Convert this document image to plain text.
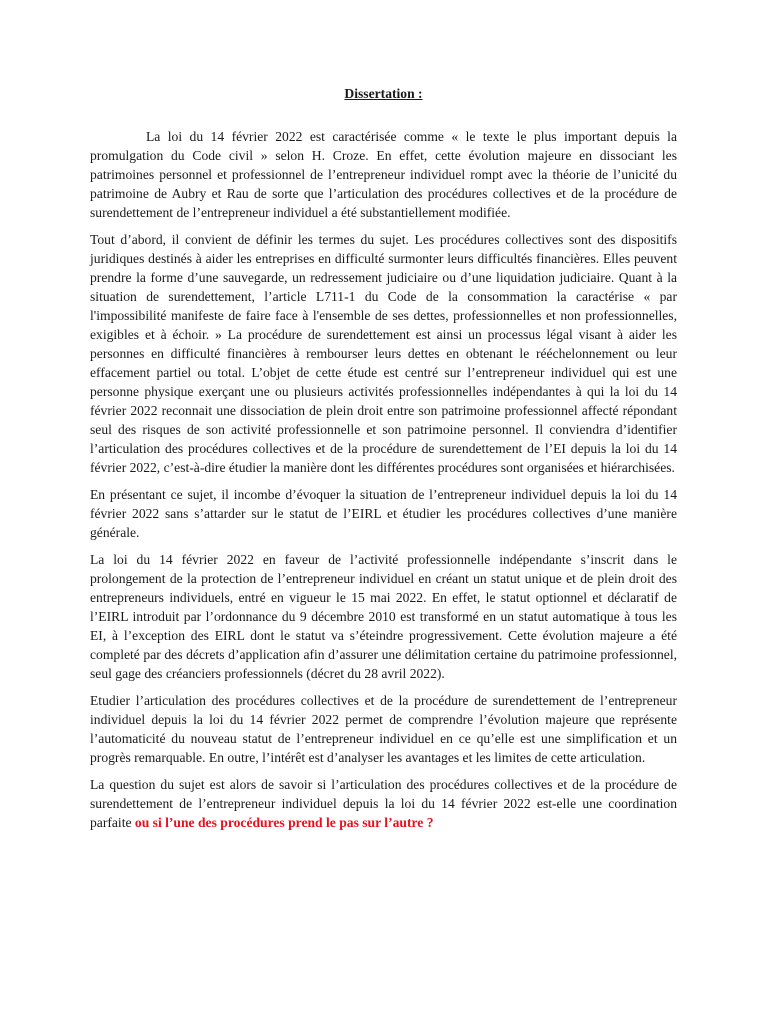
Dissertation :

La loi du 14 février 2022 est caractérisée comme « le texte le plus important depuis la promulgation du Code civil » selon H. Croze. En effet, cette évolution majeure en dissociant les patrimoines personnel et professionnel de l’entrepreneur individuel rompt avec la théorie de l’unicité du patrimoine de Aubry et Rau de sorte que l’articulation des procédures collectives et de la procédure de surendettement de l’entrepreneur individuel a été substantiellement modifiée.

Tout d’abord, il convient de définir les termes du sujet. Les procédures collectives sont des dispositifs juridiques destinés à aider les entreprises en difficulté surmonter leurs difficultés financières. Elles peuvent prendre la forme d’une sauvegarde, un redressement judiciaire ou d’une liquidation judiciaire. Quant à la situation de surendettement, l’article L711-1 du Code de la consommation la caractérise « par l'impossibilité manifeste de faire face à l'ensemble de ses dettes, professionnelles et non professionnelles, exigibles et à échoir. » La procédure de surendettement est ainsi un processus légal visant à aider les personnes en difficulté financières à rembourser leurs dettes en obtenant le rééchelonnement ou leur effacement partiel ou total. L’objet de cette étude est centré sur l’entrepreneur individuel qui est une personne physique exerçant une ou plusieurs activités professionnelles indépendantes à qui la loi du 14 février 2022 reconnait une dissociation de plein droit entre son patrimoine professionnel affecté répondant seul des risques de son activité professionnelle et son patrimoine personnel. Il conviendra d’identifier l’articulation des procédures collectives et de la procédure de surendettement de l’EI depuis la loi du 14 février 2022, c’est-à-dire étudier la manière dont les différentes procédures sont organisées et hiérarchisées.

En présentant ce sujet, il incombe d’évoquer la situation de l’entrepreneur individuel depuis la loi du 14 février 2022 sans s’attarder sur le statut de l’EIRL et étudier les procédures collectives d’une manière générale.

La loi du 14 février 2022 en faveur de l’activité professionnelle indépendante s’inscrit dans le prolongement de la protection de l’entrepreneur individuel en créant un statut unique et de plein droit des entrepreneurs individuels, entré en vigueur le 15 mai 2022. En effet, le statut optionnel et déclaratif de l’EIRL introduit par l’ordonnance du 9 décembre 2010 est transformé en un statut automatique à tous les EI, à l’exception des EIRL dont le statut va s’éteindre progressivement. Cette évolution majeure a été completé par des décrets d’application afin d’assurer une délimitation certaine du patrimoine professionnel, seul gage des créanciers professionnels (décret du 28 avril 2022).

Etudier l’articulation des procédures collectives et de la procédure de surendettement de l’entrepreneur individuel depuis la loi du 14 février 2022 permet de comprendre l’évolution majeure que représente l’automaticité du nouveau statut de l’entrepreneur individuel en ce qu’elle est une simplification et un progrès remarquable. En outre, l’intérêt est d’analyser les avantages et les limites de cette articulation.

La question du sujet est alors de savoir si l’articulation des procédures collectives et de la procédure de surendettement de l’entrepreneur individuel depuis la loi du 14 février 2022 est-elle une coordination parfaite ou si l’une des procédures prend le pas sur l’autre ?
